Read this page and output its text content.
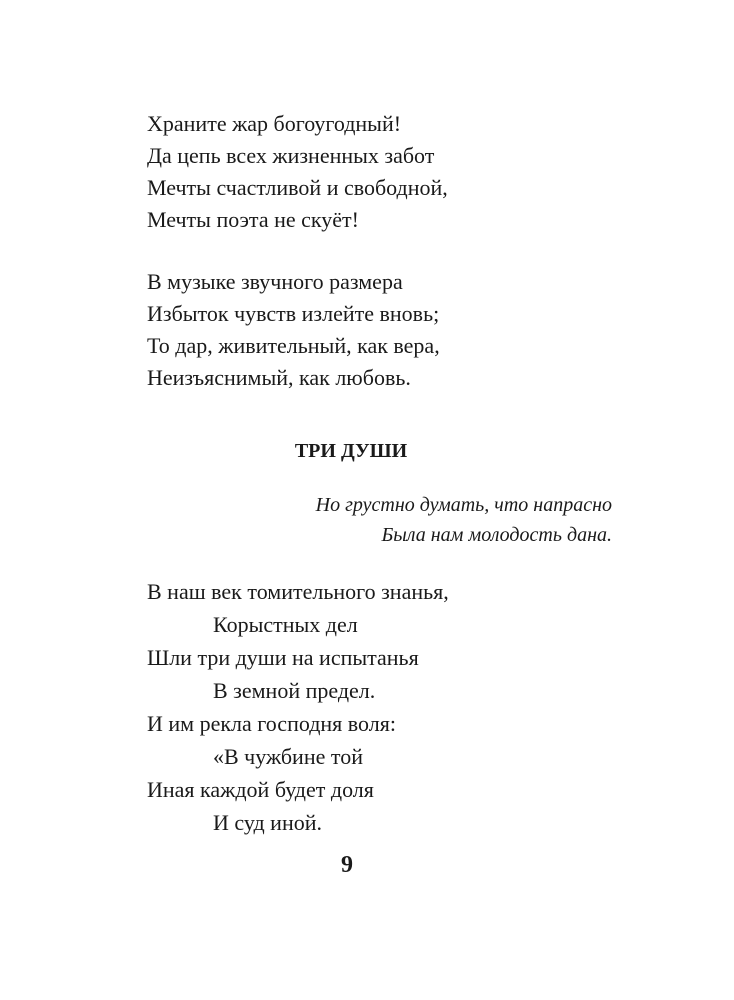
Храните жар богоугодный!
Да цепь всех жизненных забот
Мечты счастливой и свободной,
Мечты поэта не скуёт!
В музыке звучного размера
Избыток чувств излейте вновь;
То дар, живительный, как вера,
Неизъяснимый, как любовь.
ТРИ ДУШИ
Но грустно думать, что напрасно
Была нам молодость дана.
В наш век томительного знанья,
Корыстных дел
Шли три души на испытанья
В земной предел.
И им рекла господня воля:
«В чужбине той
Иная каждой будет доля
И суд иной.
9
